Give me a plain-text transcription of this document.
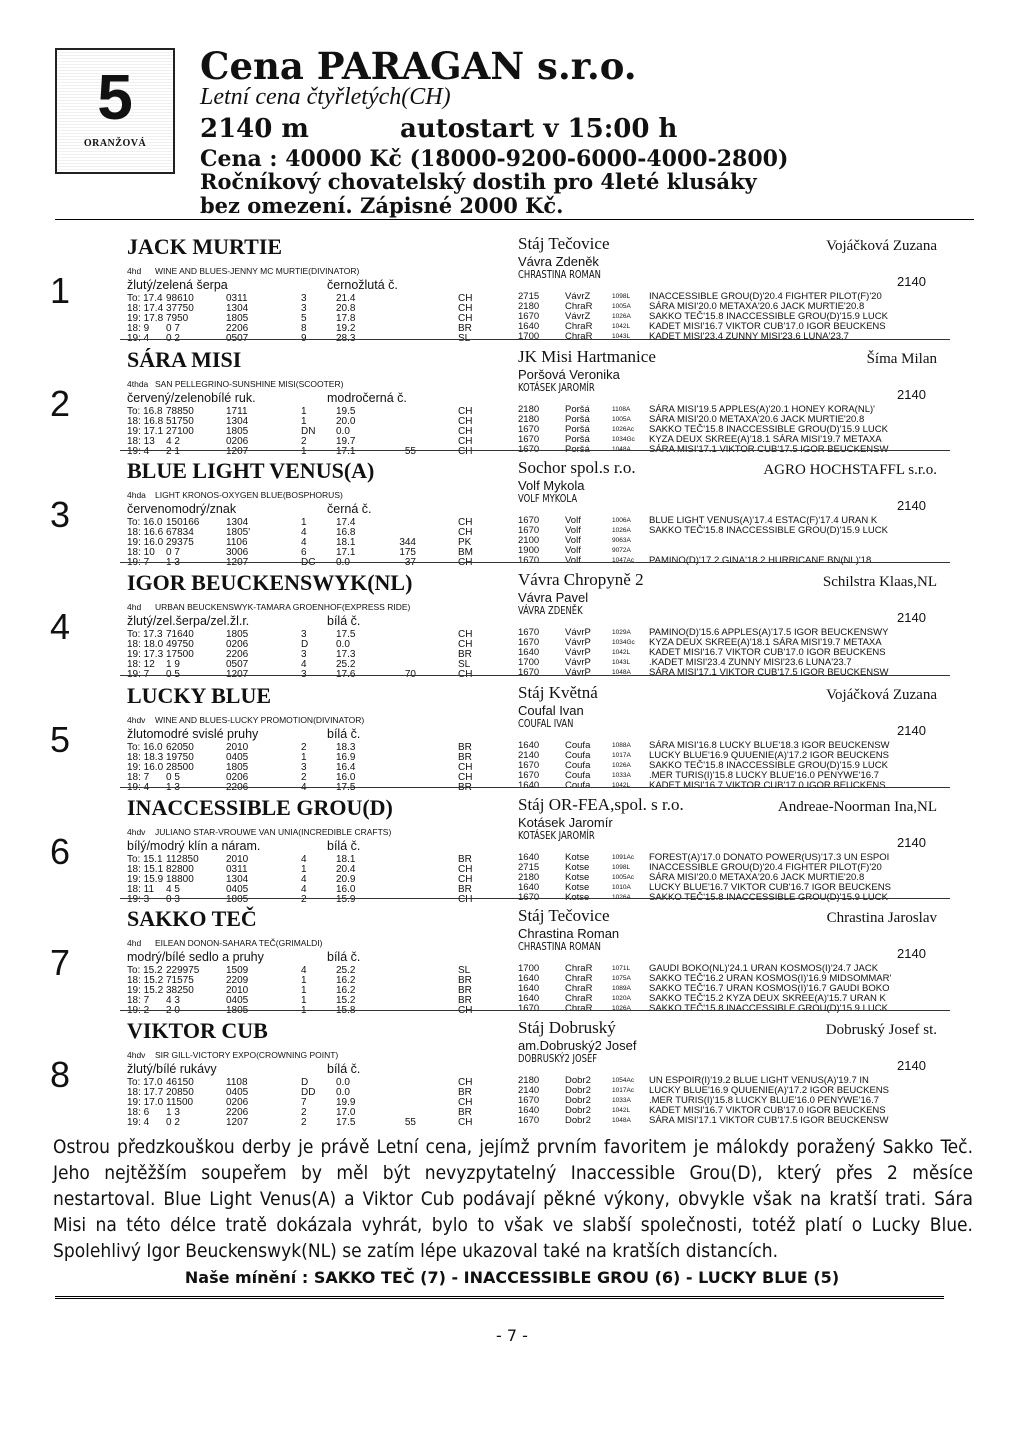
5
ORANŽOVÁ
Cena PARAGAN s.r.o.
Letní cena čtyřletých(CH)
2140 m	autostart v 15:00 h
Cena : 40000 Kč (18000-9200-6000-4000-2800)
Ročníkový chovatelský dostih pro 4leté klusáky
bez omezení. Zápisné 2000 Kč.
1
JACK MURTIE
4hd WINE AND BLUES-JENNY MC MURTIE(DIVINATOR)
žlutý/zelená šerpa	černožlutá č.
To: 17.4	98610	0311	3	21.4			CH
18: 17.4	37750	1304	3	20.8			CH
19: 17.8	7950	1805	5	17.8			CH
18: 9	0 7	2206	8	19.2			BR
19: 4	0 2	0507	9	28.3			SL
Stáj Tečovice	Vojáčková Zuzana
Vávra Zdeněk
CHRASTINA ROMAN	2140
2715	VávrZ	1098L	INACCESSIBLE GROU(D)'20.4 FIGHTER PILOT(F)'20
2180	ChraR	1005A	SÁRA MISI'20.0 METAXA'20.6 JACK MURTIE'20.8
1670	VávrZ	1026A	SAKKO TEČ'15.8 INACCESSIBLE GROU(D)'15.9 LUCK
1640	ChraR	1042L	KADET MISI'16.7 VIKTOR CUB'17.0 IGOR BEUCKENS
1700	ChraR	1043L	KADET MISI'23.4 ZUNNY MISI'23.6 LUNA'23.7
2
SÁRA MISI
4thda SAN PELLEGRINO-SUNSHINE MISI(SCOOTER)
červený/zelenobílé ruk.	modročerná č.
To: 16.8	78850	1711	1	19.5			CH
18: 16.8	51750	1304	1	20.0			CH
19: 17.1	27100	1805	DN	0.0			CH
18: 13	4 2	0206	2	19.7			CH
19: 4	2 1	1207	1	17.1	55		CH
JK Misi Hartmanice	Šíma Milan
Poršová Veronika
KOTÁSEK JAROMÍR	2140
2180	Poršá	1108A	SÁRA MISI'19.5 APPLES(A)'20.1 HONEY KORA(NL)'
2180	Poršá	1005A	SÁRA MISI'20.0 METAXA'20.6 JACK MURTIE'20.8
1670	Poršá	1026Ac	SAKKO TEČ'15.8 INACCESSIBLE GROU(D)'15.9 LUCK
1670	Poršá	1034Gc	KYZA DEUX SKREE(A)'18.1 SÁRA MISI'19.7 METAXA
1670	Poršá	1048A	SÁRA MISI'17.1 VIKTOR CUB'17.5 IGOR BEUCKENSW
3
BLUE LIGHT VENUS(A)
4hda LIGHT KRONOS-OXYGEN BLUE(BOSPHORUS)
červenomodrý/znak	černá č.
To: 16.0	150166	1304	1	17.4			CH
18: 16.6	67834	1805'	4	16.8			CH
19: 16.0	29375	1106	4	18.1	344		PK
18: 10	0 7	3006	6	17.1	175		BM
19: 7	1 3	1207	DC	0.0	37		CH
Sochor spol.s r.o.	AGRO HOCHSTAFFL s.r.o.
Volf Mykola
VOLF MYKOLA	2140
1670	Volf	1006A	BLUE LIGHT VENUS(A)'17.4 ESTAC(F)'17.4 URAN K
1670	Volf	1026A	SAKKO TEČ'15.8 INACCESSIBLE GROU(D)'15.9 LUCK
2100	Volf	9063A	
1900	Volf	9072A	
1670	Volf	1047Ac	PAMINO(D)'17.2 GINA'18.2 HURRICANE BN(NL)'18.
4
IGOR BEUCKENSWYK(NL)
4hd URBAN BEUCKENSWYK-TAMARA GROENHOF(EXPRESS RIDE)
žlutý/zel.šerpa/zel.žl.r.	bílá č.
To: 17.3	71640	1805	3	17.5			CH
18: 18.0	49750	0206	D	0.0			CH
19: 17.3	17500	2206	3	17.3			BR
18: 12	1 9	0507	4	25.2			SL
19: 7	0 5	1207	3	17.6	70		CH
Vávra Chropyně 2	Schilstra Klaas,NL
Vávra Pavel
VÁVRA ZDENĚK	2140
1670	VávrP	1029A	PAMINO(D)'15.6 APPLES(A)'17.5 IGOR BEUCKENSWY
1670	VávrP	1034Gc	KYZA DEUX SKREE(A)'18.1 SÁRA MISI'19.7 METAXA
1640	VávrP	1042L	KADET MISI'16.7 VIKTOR CUB'17.0 IGOR BEUCKENS
1700	VávrP	1043L	.KADET MISI'23.4 ZUNNY MISI'23.6 LUNA'23.7
1670	VávrP	1048A	SÁRA MISI'17.1 VIKTOR CUB'17.5 IGOR BEUCKENSW
5
LUCKY BLUE
4hdv WINE AND BLUES-LUCKY PROMOTION(DIVINATOR)
žlutomodré svislé pruhy	bílá č.
To: 16.0	62050	2010	2	18.3			BR
18: 18.3	19750	0405	1	16.9			BR
19: 16.0	28500	1805	3	16.4			CH
18: 7	0 5	0206	2	16.0			CH
19: 4	1 3	2206	4	17.5			BR
Stáj Květná	Vojáčková Zuzana
Coufal Ivan
COUFAL IVAN	2140
1640	Coufa	1088A	SÁRA MISI'16.8 LUCKY BLUE'18.3 IGOR BEUCKENSW
2140	Coufa	1017A	LUCKY BLUE'16.9 QUUENIE(A)'17.2 IGOR BEUCKENS
1670	Coufa	1026A	SAKKO TEČ'15.8 INACCESSIBLE GROU(D)'15.9 LUCK
1670	Coufa	1033A	.MER TURIS(I)'15.8 LUCKY BLUE'16.0 PENYWE'16.7
1640	Coufa	1042L	KADET MISI'16.7 VIKTOR CUB'17.0 IGOR BEUCKENS
6
INACCESSIBLE GROU(D)
4hdv JULIANO STAR-VROUWE VAN UNIA(INCREDIBLE CRAFTS)
bílý/modrý klín a náram.	bílá č.
To: 15.1	112850	2010	4	18.1			BR
18: 15.1	82800	0311	1	20.4			CH
19: 15.9	18800	1304	4	20.9			CH
18: 11	4 5	0405	4	16.0			BR
19: 3	0 3	1805	2	15.9			CH
Stáj OR-FEA,spol. s r.o.	Andreae-Noorman Ina,NL
Kotásek Jaromír
KOTÁSEK JAROMÍR	2140
1640	Kotse	1091Ac	FOREST(A)'17.0 DONATO POWER(US)'17.3 UN ESPOI
2715	Kotse	1098L	INACCESSIBLE GROU(D)'20.4 FIGHTER PILOT(F)'20
2180	Kotse	1005Ac	SÁRA MISI'20.0 METAXA'20.6 JACK MURTIE'20.8
1640	Kotse	1010A	LUCKY BLUE'16.7 VIKTOR CUB'16.7 IGOR BEUCKENS
1670	Kotse	1026A	SAKKO TEČ'15.8 INACCESSIBLE GROU(D)'15.9 LUCK
7
SAKKO TEČ
4hd EILEAN DONON-SAHARA TEČ(GRIMALDI)
modrý/bílé sedlo a pruhy	bílá č.
To: 15.2	229975	1509	4	25.2			SL
18: 15.2	71575	2209	1	16.2			BR
19: 15.2	38250	2010	1	16.2			BR
18: 7	4 3	0405	1	15.2			BR
19: 2	2 0	1805	1	15.8			CH
Stáj Tečovice	Chrastina Jaroslav
Chrastina Roman
CHRASTINA ROMAN	2140
1700	ChraR	1071L	GAUDI BOKO(NL)'24.1 URAN KOSMOS(I)'24.7 JACK
1640	ChraR	1075A	SAKKO TEČ'16.2 URAN KOSMOS(I)'16.9 MIDSOMMAR'
1640	ChraR	1089A	SAKKO TEČ'16.7 URAN KOSMOS(I)'16.7 GAUDI BOKO
1640	ChraR	1020A	SAKKO TEČ'15.2 KYZA DEUX SKREE(A)'15.7 URAN K
1670	ChraR	1026A	SAKKO TEČ'15.8 INACCESSIBLE GROU(D)'15.9 LUCK
8
VIKTOR CUB
4hdv SIR GILL-VICTORY EXPO(CROWNING POINT)
žlutý/bílé rukávy	bílá č.
To: 17.0	46150	1108	D	0.0			CH
18: 17.7	20850	0405	DD	0.0			BR
19: 17.0	11500	0206	7	19.9			CH
18: 6	1 3	2206	2	17.0			BR
19: 4	0 2	1207	2	17.5	55		CH
Stáj Dobruský	Dobruský Josef st.
am.Dobruský2 Josef
DOBRUSKÝ2 JOSEF	2140
2180	Dobr2	1054Ac	UN ESPOIR(I)'19.2 BLUE LIGHT VENUS(A)'19.7 IN
2140	Dobr2	1017Ac	LUCKY BLUE'16.9 QUUENIE(A)'17.2 IGOR BEUCKENS
1670	Dobr2	1033A	.MER TURIS(I)'15.8 LUCKY BLUE'16.0 PENYWE'16.7
1640	Dobr2	1042L	KADET MISI'16.7 VIKTOR CUB'17.0 IGOR BEUCKENS
1670	Dobr2	1048A	SÁRA MISI'17.1 VIKTOR CUB'17.5 IGOR BEUCKENSW
Ostrou předzkouškou derby je právě Letní cena, jejímž prvním favoritem je málokdy poražený Sakko Teč. Jeho nejtěžším soupeřem by měl být nevyzpytatelný Inaccessible Grou(D), který přes 2 měsíce nestartoval. Blue Light Venus(A) a Viktor Cub podávají pěkné výkony, obvykle však na kratší trati. Sára Misi na této délce tratě dokázala vyhrát, bylo to však ve slabší společnosti, totéž platí o Lucky Blue. Spolehlivý Igor Beuckenswyk(NL) se zatím lépe ukazoval také na kratších distancích.
Naše mínění : SAKKO TEČ (7) - INACCESSIBLE GROU (6) - LUCKY BLUE (5)
- 7 -
